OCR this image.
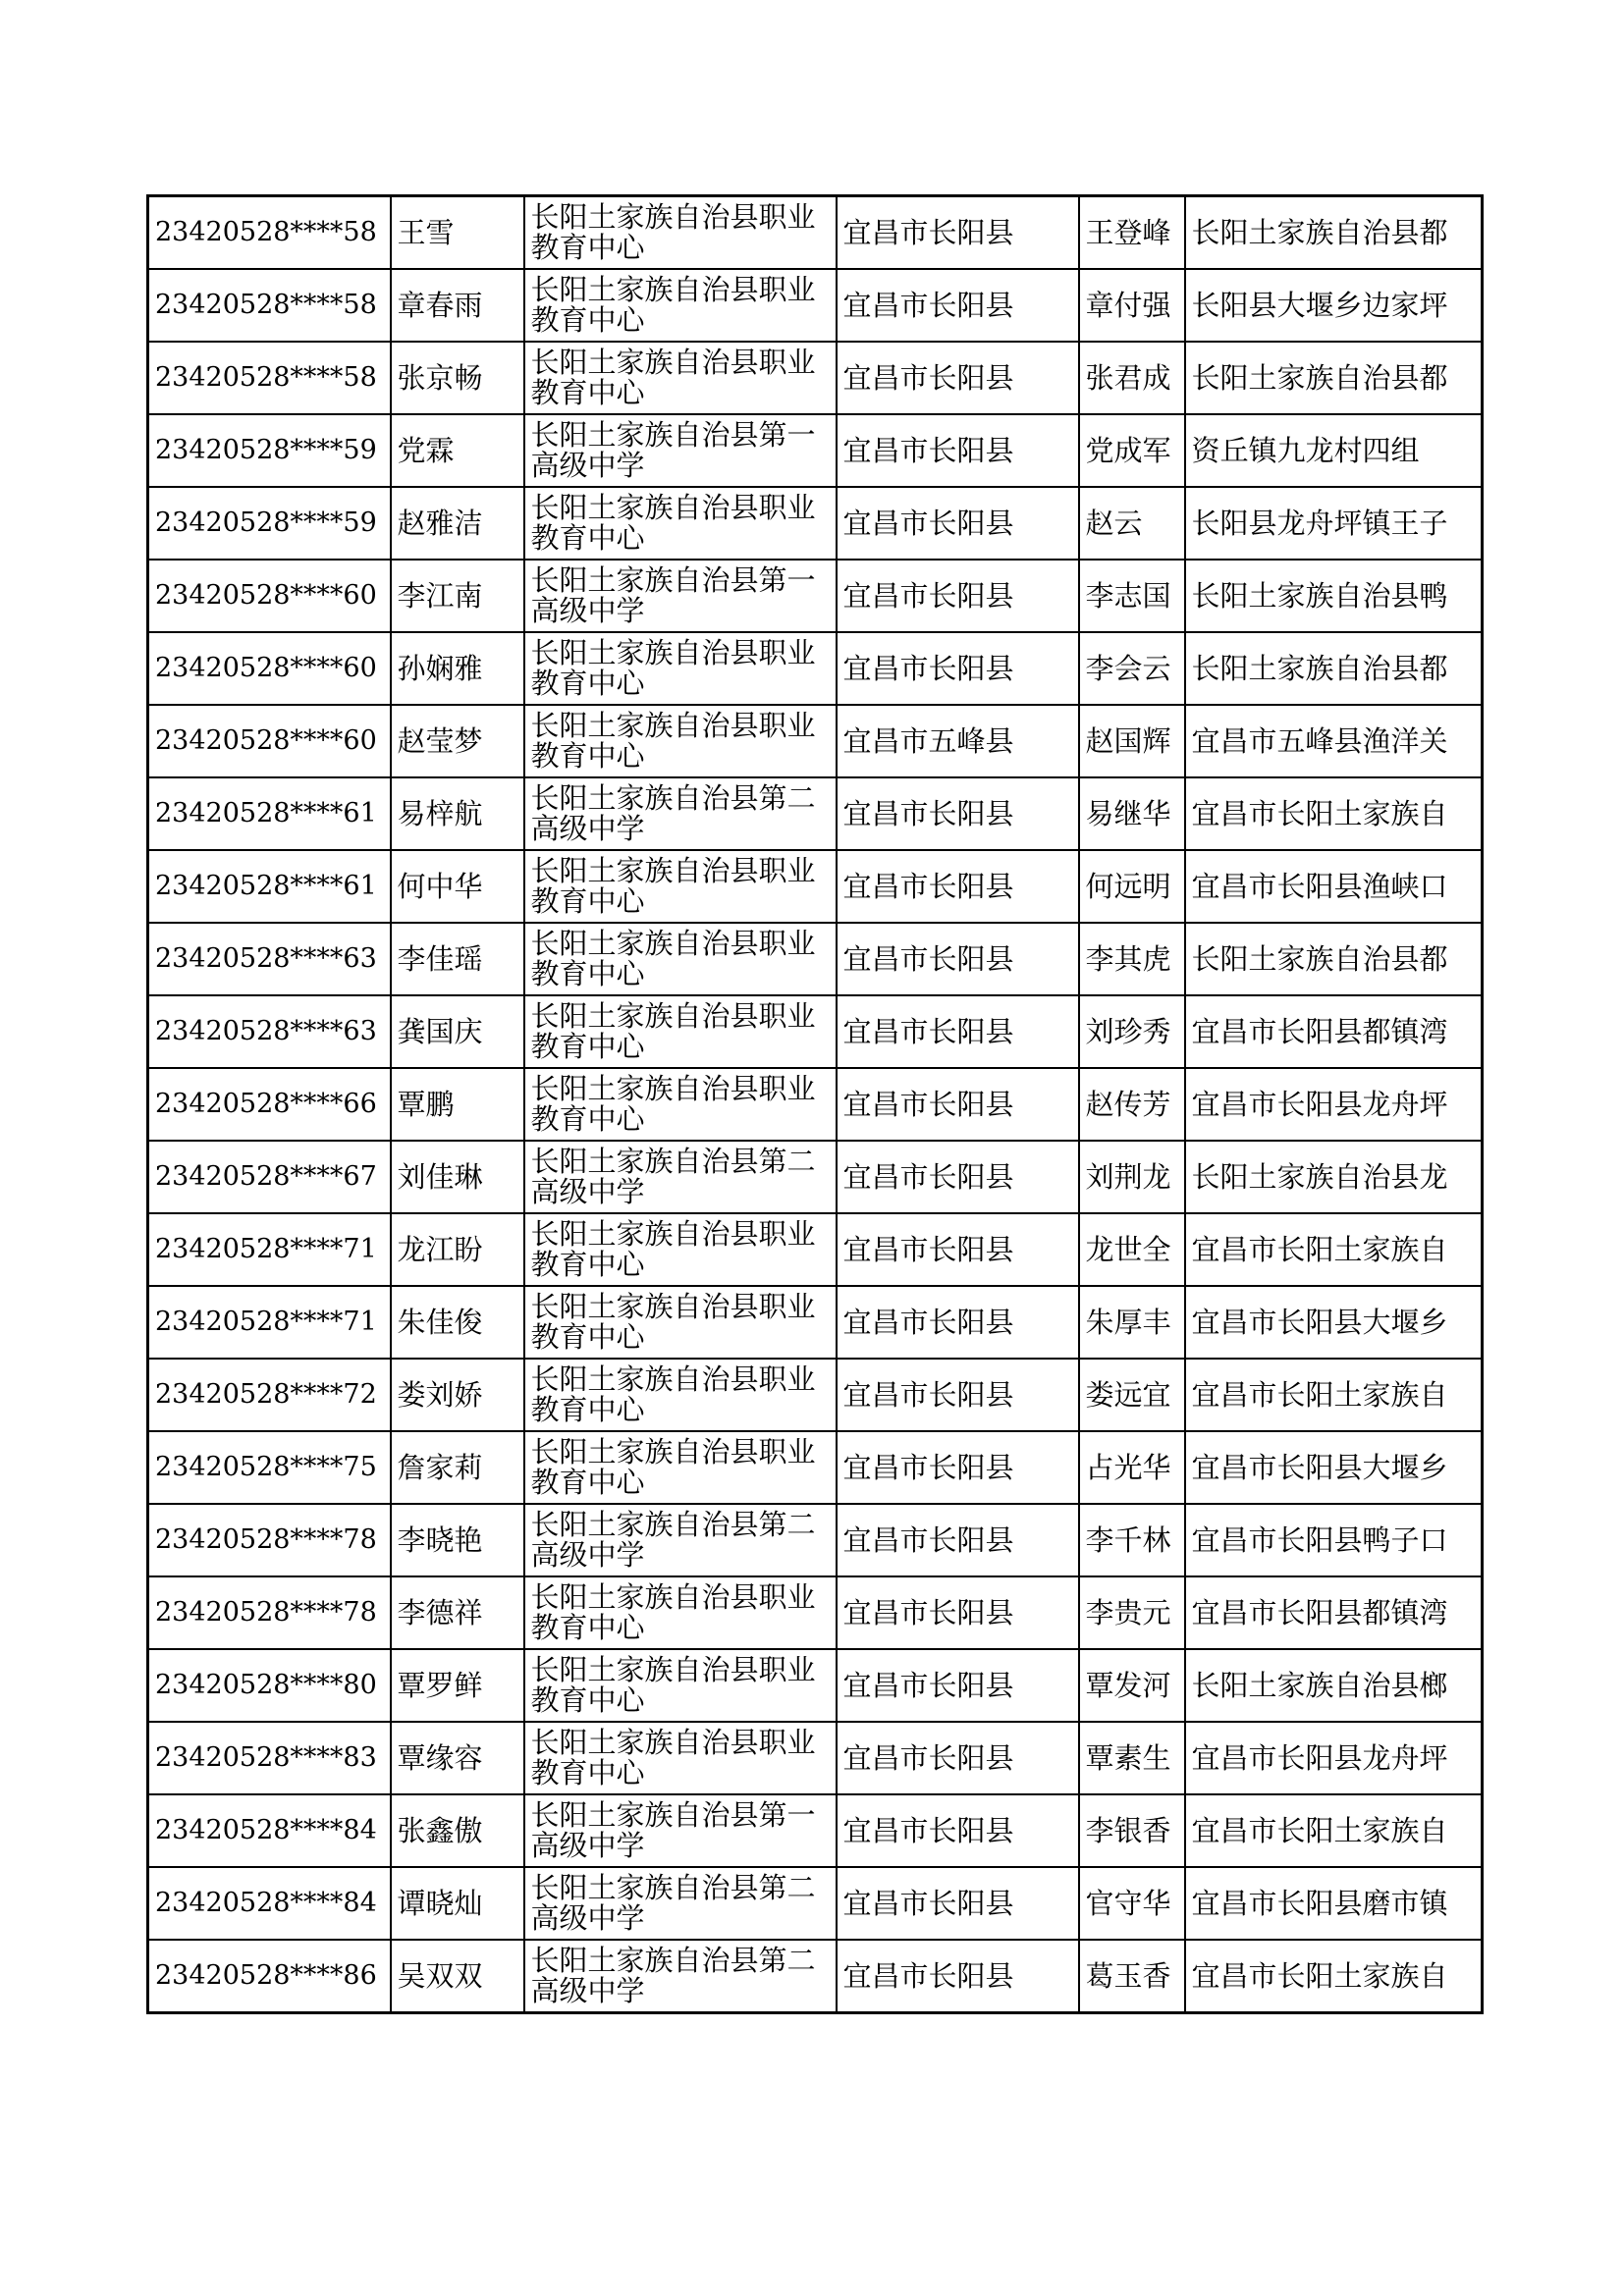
23420528****58	王雪	长阳土家族自治县职业教育中心	宜昌市长阳县	王登峰	长阳土家族自治县都
23420528****58	章春雨	长阳土家族自治县职业教育中心	宜昌市长阳县	章付强	长阳县大堰乡边家坪
23420528****58	张京畅	长阳土家族自治县职业教育中心	宜昌市长阳县	张君成	长阳土家族自治县都
23420528****59	党霖	长阳土家族自治县第一高级中学	宜昌市长阳县	党成军	资丘镇九龙村四组
23420528****59	赵雅洁	长阳土家族自治县职业教育中心	宜昌市长阳县	赵云	长阳县龙舟坪镇王子
23420528****60	李江南	长阳土家族自治县第一高级中学	宜昌市长阳县	李志国	长阳土家族自治县鸭
23420528****60	孙娴雅	长阳土家族自治县职业教育中心	宜昌市长阳县	李会云	长阳土家族自治县都
23420528****60	赵莹梦	长阳土家族自治县职业教育中心	宜昌市五峰县	赵国辉	宜昌市五峰县渔洋关
23420528****61	易梓航	长阳土家族自治县第二高级中学	宜昌市长阳县	易继华	宜昌市长阳土家族自
23420528****61	何中华	长阳土家族自治县职业教育中心	宜昌市长阳县	何远明	宜昌市长阳县渔峡口
23420528****63	李佳瑶	长阳土家族自治县职业教育中心	宜昌市长阳县	李其虎	长阳土家族自治县都
23420528****63	龚国庆	长阳土家族自治县职业教育中心	宜昌市长阳县	刘珍秀	宜昌市长阳县都镇湾
23420528****66	覃鹏	长阳土家族自治县职业教育中心	宜昌市长阳县	赵传芳	宜昌市长阳县龙舟坪
23420528****67	刘佳琳	长阳土家族自治县第二高级中学	宜昌市长阳县	刘荆龙	长阳土家族自治县龙
23420528****71	龙江盼	长阳土家族自治县职业教育中心	宜昌市长阳县	龙世全	宜昌市长阳土家族自
23420528****71	朱佳俊	长阳土家族自治县职业教育中心	宜昌市长阳县	朱厚丰	宜昌市长阳县大堰乡
23420528****72	娄刘娇	长阳土家族自治县职业教育中心	宜昌市长阳县	娄远宜	宜昌市长阳土家族自
23420528****75	詹家莉	长阳土家族自治县职业教育中心	宜昌市长阳县	占光华	宜昌市长阳县大堰乡
23420528****78	李晓艳	长阳土家族自治县第二高级中学	宜昌市长阳县	李千林	宜昌市长阳县鸭子口
23420528****78	李德祥	长阳土家族自治县职业教育中心	宜昌市长阳县	李贵元	宜昌市长阳县都镇湾
23420528****80	覃罗鲜	长阳土家族自治县职业教育中心	宜昌市长阳县	覃发河	长阳土家族自治县榔
23420528****83	覃缘容	长阳土家族自治县职业教育中心	宜昌市长阳县	覃素生	宜昌市长阳县龙舟坪
23420528****84	张鑫傲	长阳土家族自治县第一高级中学	宜昌市长阳县	李银香	宜昌市长阳土家族自
23420528****84	谭晓灿	长阳土家族自治县第二高级中学	宜昌市长阳县	官守华	宜昌市长阳县磨市镇
23420528****86	吴双双	长阳土家族自治县第二高级中学	宜昌市长阳县	葛玉香	宜昌市长阳土家族自
